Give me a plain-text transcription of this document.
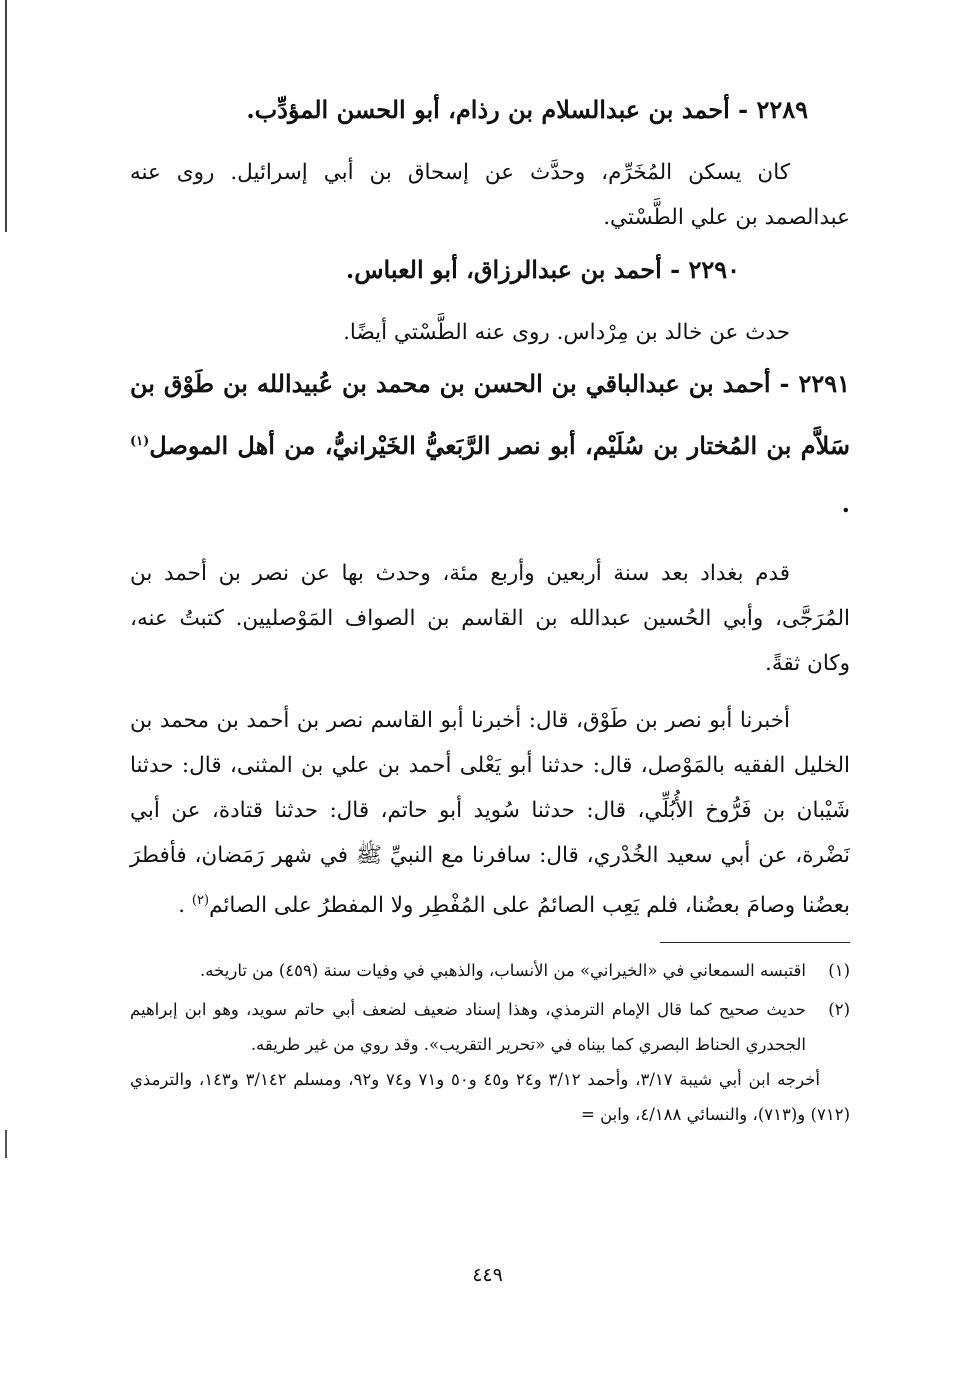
٢٢٨٩ - أحمد بن عبدالسلام بن رذام، أبو الحسن المؤدِّب.

كان يسكن المُخَرِّم، وحدَّث عن إسحاق بن أبي إسرائيل. روى عنه عبدالصمد بن علي الطَّسْتي.

٢٢٩٠ - أحمد بن عبدالرزاق، أبو العباس.

حدث عن خالد بن مِرْداس. روى عنه الطَّسْتي أيضًا.

٢٢٩١ - أحمد بن عبدالباقي بن الحسن بن محمد بن عُبيدالله بن طَوْق بن سَلاَّم بن المُختار بن سُلَيْم، أبو نصر الرَّبَعيُّ الخَيْرانيُّ، من أهل الموصل$^{(١)}$ .

قدم بغداد بعد سنة أربعين وأربع مئة، وحدث بها عن نصر بن أحمد بن المُرَجَّى، وأبي الحُسين عبدالله بن القاسم بن الصواف المَوْصليين. كتبتُ عنه، وكان ثقةً.

أخبرنا أبو نصر بن طَوْق، قال: أخبرنا أبو القاسم نصر بن أحمد بن محمد بن الخليل الفقيه بالمَوْصل، قال: حدثنا أبو يَعْلى أحمد بن علي بن المثنى، قال: حدثنا شَيْبان بن فَرُّوخ الأُبُلِّي، قال: حدثنا سُويد أبو حاتم، قال: حدثنا قتادة، عن أبي نَضْرة، عن أبي سعيد الخُدْري، قال: سافرنا مع النبيِّ ﷺ في شهر رَمَضان، فأفطرَ بعضُنا وصامَ بعضُنا، فلم يَعِب الصائمُ على المُفْطِر ولا المفطرُ على الصائم$^{(٢)}$ .

(١)
اقتبسه السمعاني في «الخيراني» من الأنساب، والذهبي في وفيات سنة (٤٥٩) من تاريخه.
(٢)
حديث صحيح كما قال الإمام الترمذي، وهذا إسناد ضعيف لضعف أبي حاتم سويد، وهو ابن إبراهيم الجحدري الحناط البصري كما بيناه في «تحرير التقريب». وقد روي من غير طريقه.

أخرجه ابن أبي شيبة ٣/١٧، وأحمد ٣/١٢ و٢٤ و٤٥ و٥٠ و٧١ و٧٤ و٩٢، ومسلم ٣/١٤٢ و١٤٣، والترمذي (٧١٢) و(٧١٣)، والنسائي ٤/١٨٨، وابن =

٤٤٩
